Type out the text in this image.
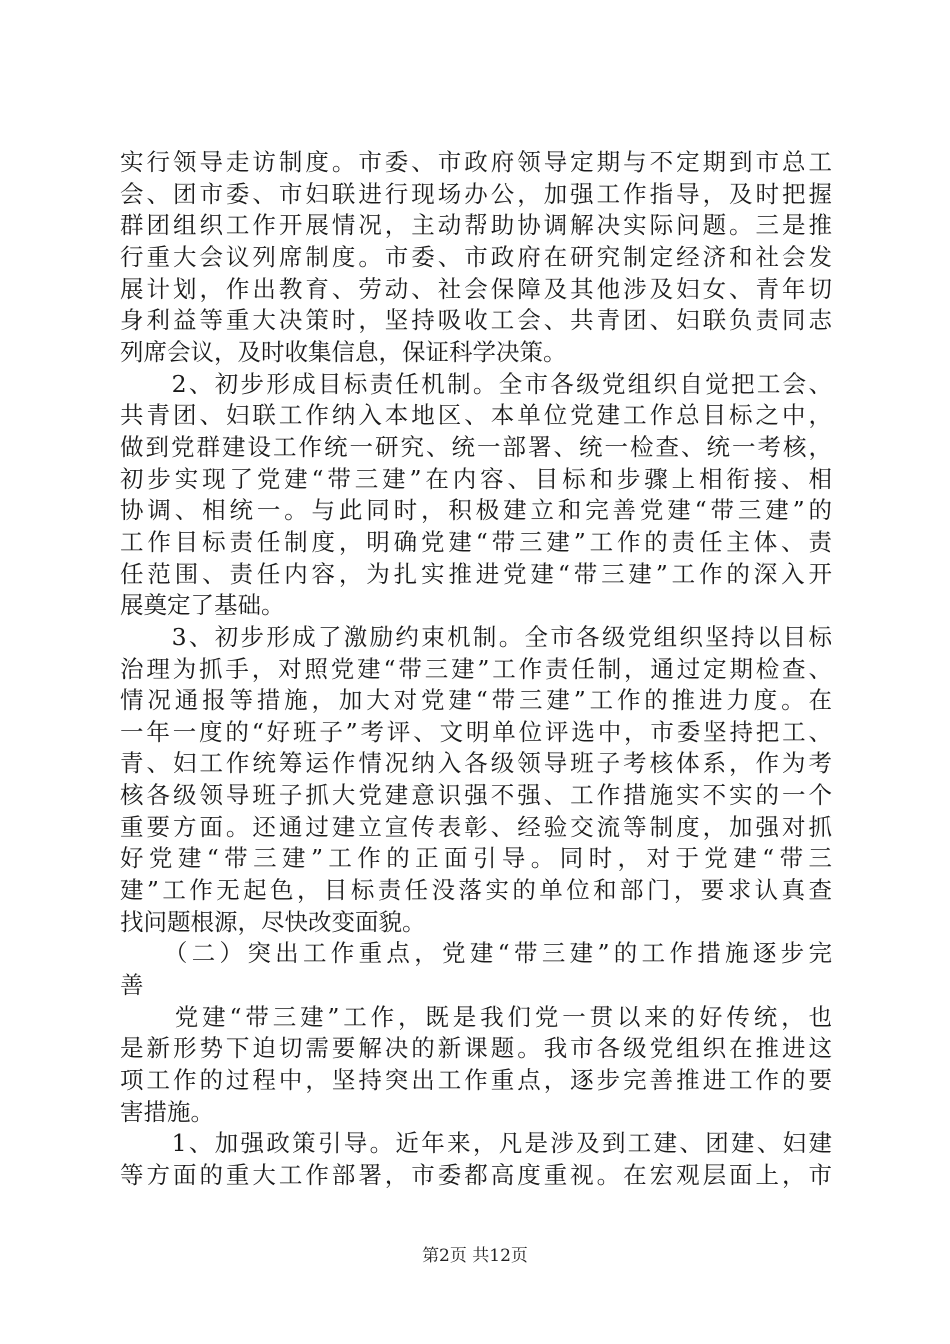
实行领导走访制度。市委、市政府领导定期与不定期到市总工
会、团市委、市妇联进行现场办公，加强工作指导，及时把握
群团组织工作开展情况，主动帮助协调解决实际问题。三是推
行重大会议列席制度。市委、市政府在研究制定经济和社会发
展计划，作出教育、劳动、社会保障及其他涉及妇女、青年切
身利益等重大决策时，坚持吸收工会、共青团、妇联负责同志
列席会议，及时收集信息，保证科学决策。
　　2、初步形成目标责任机制。全市各级党组织自觉把工会、
共青团、妇联工作纳入本地区、本单位党建工作总目标之中，
做到党群建设工作统一研究、统一部署、统一检查、统一考核，
初步实现了党建“带三建”在内容、目标和步骤上相衔接、相
协调、相统一。与此同时，积极建立和完善党建“带三建”的
工作目标责任制度，明确党建“带三建”工作的责任主体、责
任范围、责任内容，为扎实推进党建“带三建”工作的深入开
展奠定了基础。
　　3、初步形成了激励约束机制。全市各级党组织坚持以目标
治理为抓手，对照党建“带三建”工作责任制，通过定期检查、
情况通报等措施，加大对党建“带三建”工作的推进力度。在
一年一度的“好班子”考评、文明单位评选中，市委坚持把工、
青、妇工作统筹运作情况纳入各级领导班子考核体系，作为考
核各级领导班子抓大党建意识强不强、工作措施实不实的一个
重要方面。还通过建立宣传表彰、经验交流等制度，加强对抓
好党建“带三建”工作的正面引导。同时，对于党建“带三
建”工作无起色，目标责任没落实的单位和部门，要求认真查
找问题根源，尽快改变面貌。
　　（二）突出工作重点，党建“带三建”的工作措施逐步完
善
　　党建“带三建”工作，既是我们党一贯以来的好传统，也
是新形势下迫切需要解决的新课题。我市各级党组织在推进这
项工作的过程中，坚持突出工作重点，逐步完善推进工作的要
害措施。
　　1、加强政策引导。近年来，凡是涉及到工建、团建、妇建
等方面的重大工作部署，市委都高度重视。在宏观层面上，市
第2页 共12页
